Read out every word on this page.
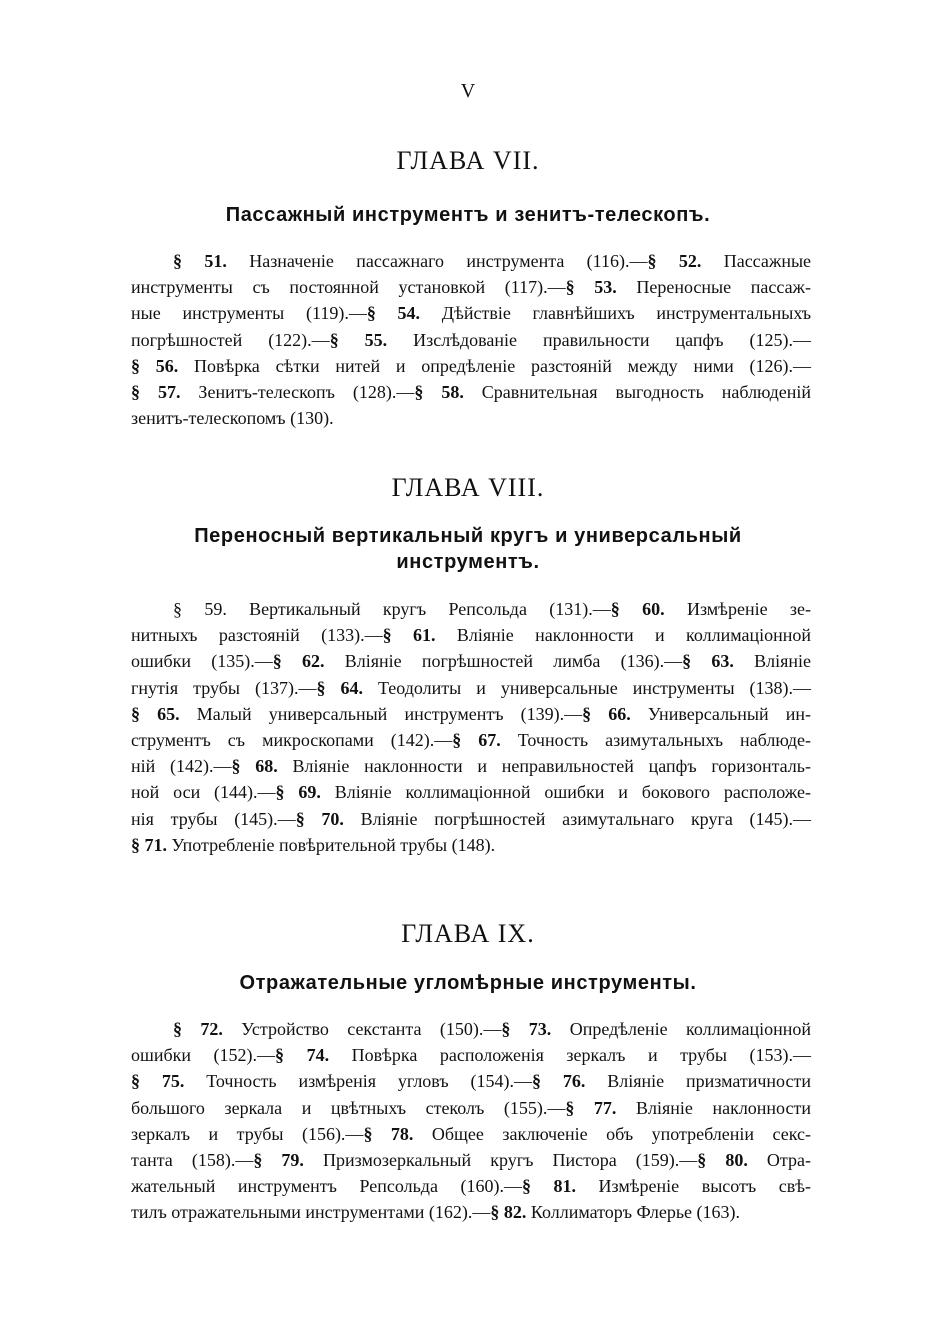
V
ГЛАВА VII.
Пассажный инструментъ и зенитъ-телескопъ.
§ 51. Назначеніе пассажнаго инструмента (116).—§ 52. Пассажные
инструменты съ постоянной установкой (117).—§ 53. Переносные пассаж-
ные инструменты (119).—§ 54. Дѣйствіе главнѣйшихъ инструментальныхъ
погрѣшностей (122).—§ 55. Изслѣдованіе правильности цапфъ (125).—
§ 56. Повѣрка сѣтки нитей и опредѣленіе разстояній между ними (126).—
§ 57. Зенитъ-телескопъ (128).—§ 58. Сравнительная выгодность наблюденій
зенитъ-телескопомъ (130).
ГЛАВА VIII.
Переносный вертикальный кругъ и универсальный
инструментъ.
§ 59. Вертикальный кругъ Репсольда (131).—§ 60. Измѣреніе зе-
нитныхъ разстояній (133).—§ 61. Вліяніе наклонности и коллимаціонной
ошибки (135).—§ 62. Вліяніе погрѣшностей лимба (136).—§ 63. Вліяніе
гнутія трубы (137).—§ 64. Теодолиты и универсальные инструменты (138).—
§ 65. Малый универсальный инструментъ (139).—§ 66. Универсальный ин-
струментъ съ микроскопами (142).—§ 67. Точность азимутальныхъ наблюде-
ній (142).—§ 68. Вліяніе наклонности и неправильностей цапфъ горизонталь-
ной оси (144).—§ 69. Вліяніе коллимаціонной ошибки и бокового расположе-
нія трубы (145).—§ 70. Вліяніе погрѣшностей азимутальнаго круга (145).—
§ 71. Употребленіе повѣрительной трубы (148).
ГЛАВА IX.
Отражательные угломѣрные инструменты.
§ 72. Устройство секстанта (150).—§ 73. Опредѣленіе коллимаціонной
ошибки (152).—§ 74. Повѣрка расположенія зеркалъ и трубы (153).—
§ 75. Точность измѣренія угловъ (154).—§ 76. Вліяніе призматичности
большого зеркала и цвѣтныхъ стеколъ (155).—§ 77. Вліяніе наклонности
зеркалъ и трубы (156).—§ 78. Общее заключеніе объ употребленіи секс-
танта (158).—§ 79. Призмозеркальный кругъ Пистора (159).—§ 80. Отра-
жательный инструментъ Репсольда (160).—§ 81. Измѣреніе высотъ свѣ-
тилъ отражательными инструментами (162).—§ 82. Коллиматоръ Флерье (163).
